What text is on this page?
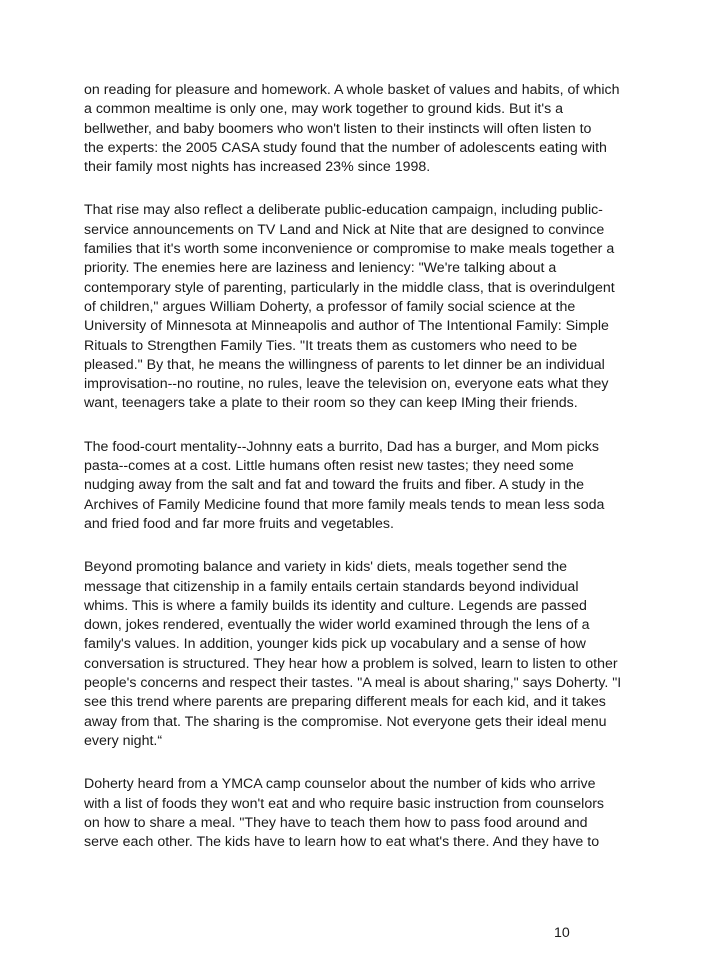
on reading for pleasure and homework. A whole basket of values and habits, of which
a common mealtime is only one, may work together to ground kids. But it's a
bellwether, and baby boomers who won't listen to their instincts will often listen to
the experts: the 2005 CASA study found that the number of adolescents eating with
their family most nights has increased 23% since 1998.

That rise may also reflect a deliberate public-education campaign, including public-
service announcements on TV Land and Nick at Nite that are designed to convince
families that it's worth some inconvenience or compromise to make meals together a
priority. The enemies here are laziness and leniency: "We're talking about a
contemporary style of parenting, particularly in the middle class, that is overindulgent
of children," argues William Doherty, a professor of family social science at the
University of Minnesota at Minneapolis and author of The Intentional Family: Simple
Rituals to Strengthen Family Ties. "It treats them as customers who need to be
pleased." By that, he means the willingness of parents to let dinner be an individual
improvisation--no routine, no rules, leave the television on, everyone eats what they
want, teenagers take a plate to their room so they can keep IMing their friends.

The food-court mentality--Johnny eats a burrito, Dad has a burger, and Mom picks
pasta--comes at a cost. Little humans often resist new tastes; they need some
nudging away from the salt and fat and toward the fruits and fiber. A study in the
Archives of Family Medicine found that more family meals tends to mean less soda
and fried food and far more fruits and vegetables.

Beyond promoting balance and variety in kids' diets, meals together send the
message that citizenship in a family entails certain standards beyond individual
whims. This is where a family builds its identity and culture. Legends are passed
down, jokes rendered, eventually the wider world examined through the lens of a
family's values. In addition, younger kids pick up vocabulary and a sense of how
conversation is structured. They hear how a problem is solved, learn to listen to other
people's concerns and respect their tastes. "A meal is about sharing," says Doherty. "I
see this trend where parents are preparing different meals for each kid, and it takes
away from that. The sharing is the compromise. Not everyone gets their ideal menu
every night.“

Doherty heard from a YMCA camp counselor about the number of kids who arrive
with a list of foods they won't eat and who require basic instruction from counselors
on how to share a meal. "They have to teach them how to pass food around and
serve each other. The kids have to learn how to eat what's there. And they have to

10
